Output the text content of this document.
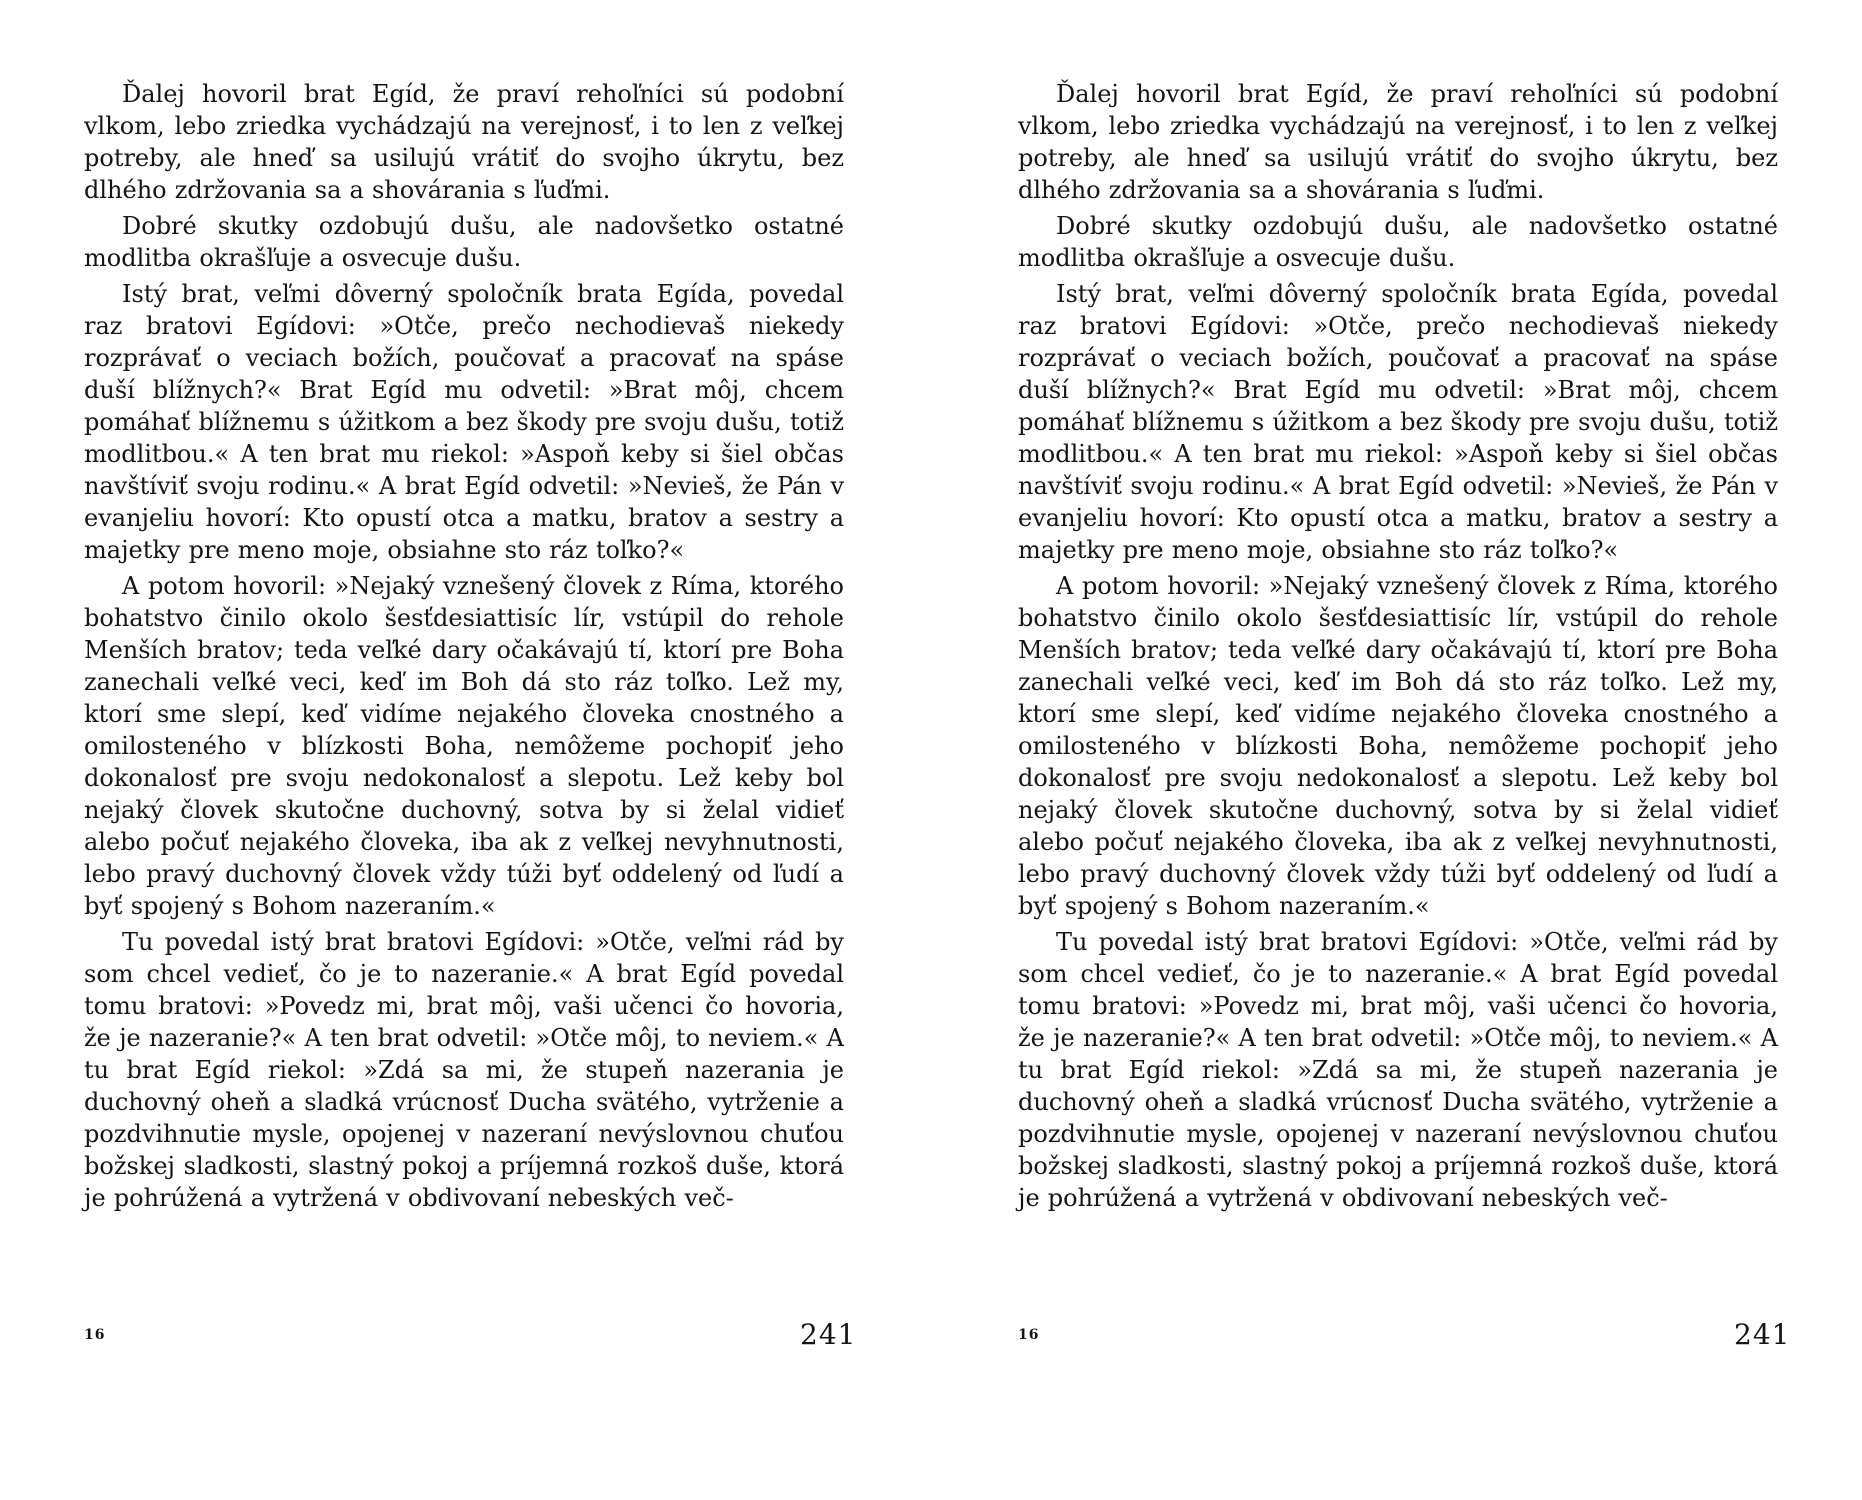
Ďalej hovoril brat Egíd, že praví rehoľníci sú podobní vlkom, lebo zriedka vychádzajú na verejnosť, i to len z veľkej potreby, ale hneď sa usilujú vrátiť do svojho úkrytu, bez dlhého zdržovania sa a shovárania s ľuďmi.

Dobré skutky ozdobujú dušu, ale nadovšetko ostatné modlitba okrašľuje a osvecuje dušu.

Istý brat, veľmi dôverný spoločník brata Egída, povedal raz bratovi Egídovi: »Otče, prečo nechodievaš niekedy rozprávať o veciach božích, poučovať a pracovať na spáse duší blížnych?« Brat Egíd mu odvetil: »Brat môj, chcem pomáhať blížnemu s úžitkom a bez škody pre svoju dušu, totiž modlitbou.« A ten brat mu riekol: »Aspoň keby si šiel občas navštíviť svoju rodinu.« A brat Egíd odvetil: »Nevieš, že Pán v evanjeliu hovorí: Kto opustí otca a matku, bratov a sestry a majetky pre meno moje, obsiahne sto ráz toľko?«

A potom hovoril: »Nejaký vznešený človek z Ríma, ktorého bohatstvo činilo okolo šesťdesiattisíc lír, vstúpil do rehole Menších bratov; teda veľké dary očakávajú tí, ktorí pre Boha zanechali veľké veci, keď im Boh dá sto ráz toľko. Lež my, ktorí sme slepí, keď vidíme nejakého človeka cnostného a omilosteného v blízkosti Boha, nemôžeme pochopiť jeho dokonalosť pre svoju nedokonalosť a slepotu. Lež keby bol nejaký človek skutočne duchovný, sotva by si želal vidieť alebo počuť nejakého človeka, iba ak z veľkej nevyhnutnosti, lebo pravý duchovný človek vždy túži byť oddelený od ľudí a byť spojený s Bohom nazeraním.«

Tu povedal istý brat bratovi Egídovi: »Otče, veľmi rád by som chcel vedieť, čo je to nazeranie.« A brat Egíd povedal tomu bratovi: »Povedz mi, brat môj, vaši učenci čo hovoria, že je nazeranie?« A ten brat odvetil: »Otče môj, to neviem.« A tu brat Egíd riekol: »Zdá sa mi, že stupeň nazerania je duchovný oheň a sladká vrúcnosť Ducha svätého, vytrženie a pozdvihnutie mysle, opojenej v nazeraní nevýslovnou chuťou božskej sladkosti, slastný pokoj a príjemná rozkoš duše, ktorá je pohrúžená a vytržená v obdivovaní nebeských več-

Ďalej hovoril brat Egíd, že praví rehoľníci sú podobní vlkom, lebo zriedka vychádzajú na verejnosť, i to len z veľkej potreby, ale hneď sa usilujú vrátiť do svojho úkrytu, bez dlhého zdržovania sa a shovárania s ľuďmi.

Dobré skutky ozdobujú dušu, ale nadovšetko ostatné modlitba okrašľuje a osvecuje dušu.

Istý brat, veľmi dôverný spoločník brata Egída, povedal raz bratovi Egídovi: »Otče, prečo nechodievaš niekedy rozprávať o veciach božích, poučovať a pracovať na spáse duší blížnych?« Brat Egíd mu odvetil: »Brat môj, chcem pomáhať blížnemu s úžitkom a bez škody pre svoju dušu, totiž modlitbou.« A ten brat mu riekol: »Aspoň keby si šiel občas navštíviť svoju rodinu.« A brat Egíd odvetil: »Nevieš, že Pán v evanjeliu hovorí: Kto opustí otca a matku, bratov a sestry a majetky pre meno moje, obsiahne sto ráz toľko?«

A potom hovoril: »Nejaký vznešený človek z Ríma, ktorého bohatstvo činilo okolo šesťdesiattisíc lír, vstúpil do rehole Menších bratov; teda veľké dary očakávajú tí, ktorí pre Boha zanechali veľké veci, keď im Boh dá sto ráz toľko. Lež my, ktorí sme slepí, keď vidíme nejakého človeka cnostného a omilosteného v blízkosti Boha, nemôžeme pochopiť jeho dokonalosť pre svoju nedokonalosť a slepotu. Lež keby bol nejaký človek skutočne duchovný, sotva by si želal vidieť alebo počuť nejakého človeka, iba ak z veľkej nevyhnutnosti, lebo pravý duchovný človek vždy túži byť oddelený od ľudí a byť spojený s Bohom nazeraním.«

Tu povedal istý brat bratovi Egídovi: »Otče, veľmi rád by som chcel vedieť, čo je to nazeranie.« A brat Egíd povedal tomu bratovi: »Povedz mi, brat môj, vaši učenci čo hovoria, že je nazeranie?« A ten brat odvetil: »Otče môj, to neviem.« A tu brat Egíd riekol: »Zdá sa mi, že stupeň nazerania je duchovný oheň a sladká vrúcnosť Ducha svätého, vytrženie a pozdvihnutie mysle, opojenej v nazeraní nevýslovnou chuťou božskej sladkosti, slastný pokoj a príjemná rozkoš duše, ktorá je pohrúžená a vytržená v obdivovaní nebeských več-

16	241	16	241
